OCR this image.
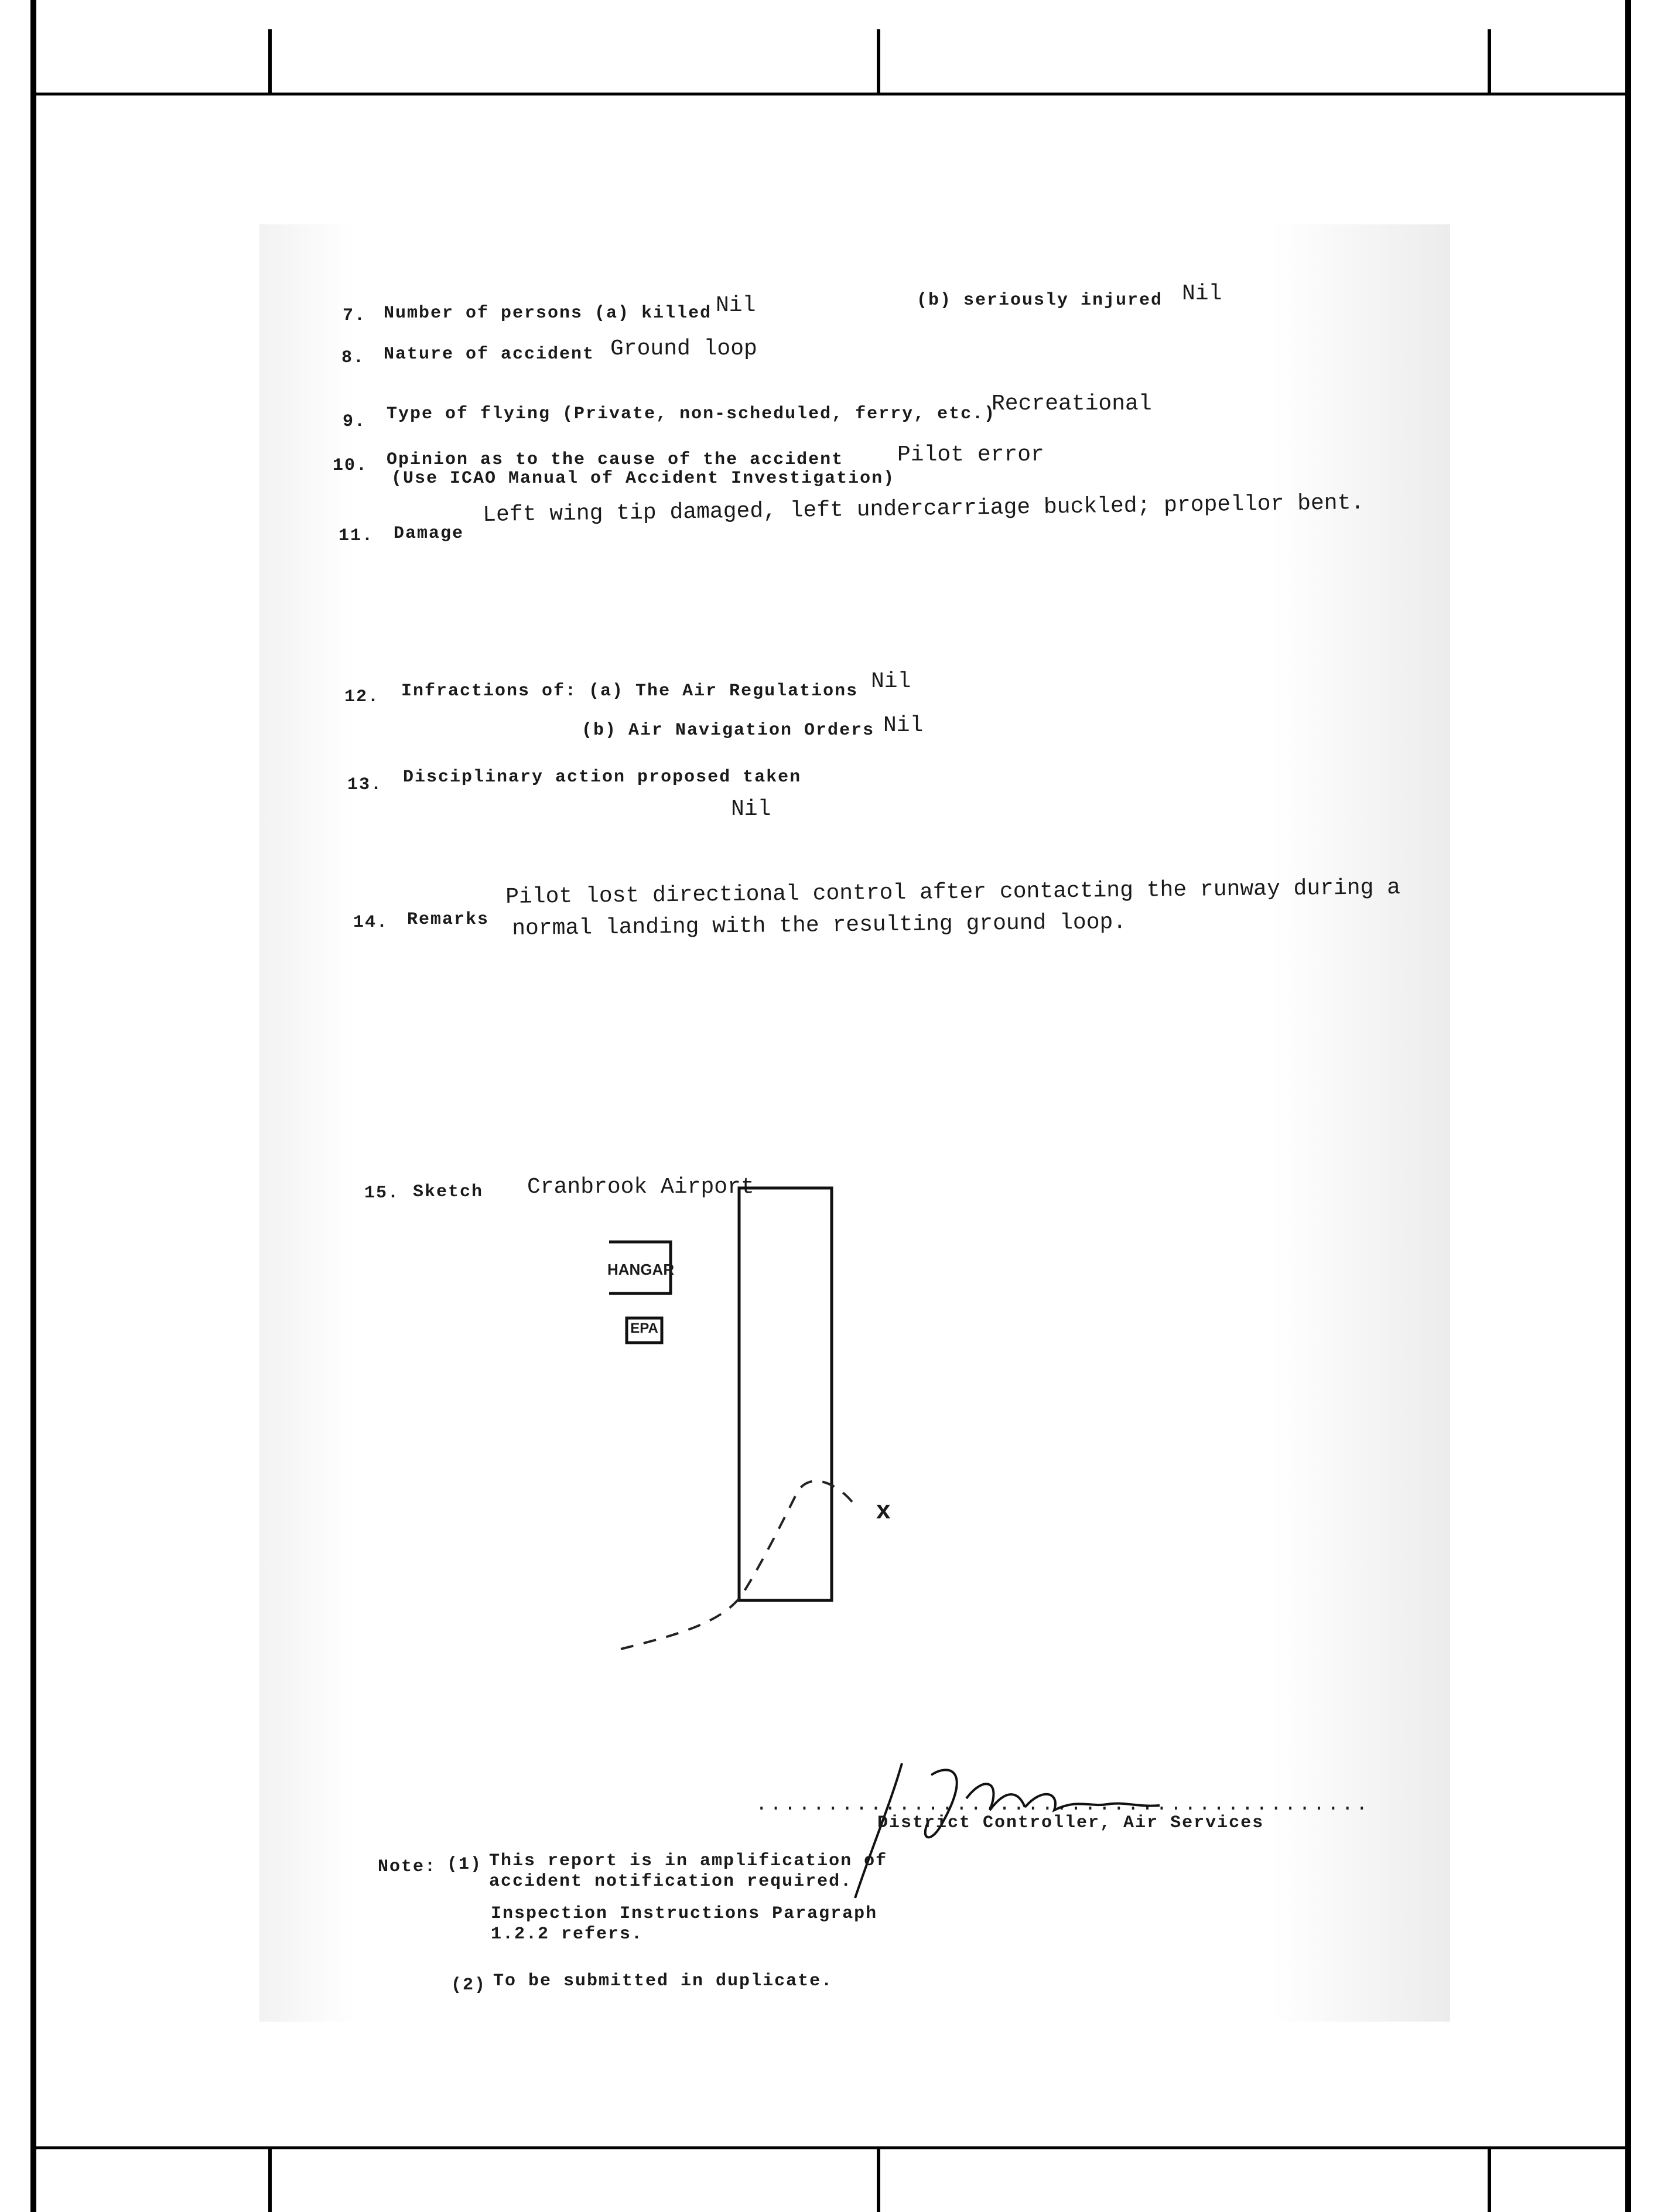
7. Number of persons (a) killed Nil	(b) seriously injured Nil
8. Nature of accident Ground loop
9. Type of flying (Private, non-scheduled, ferry, etc.)
Recreational
10. Opinion as to the cause of the accident
(Use ICAO Manual of Accident Investigation)
Pilot error
11. Damage
Left wing tip damaged, left undercarriage buckled; propellor bent.
12. Infractions of: (a) The Air Regulations Nil
(b) Air Navigation Orders Nil
13. Disciplinary action proposed taken
Nil
14. Remarks
Pilot lost directional control after contacting the runway during a
normal landing with the resulting ground loop.
15. Sketch Cranbrook Airport
HANGAR
EPA
x
...........................................
District Controller, Air Services
Note: (1) This report is in amplification of
accident notification required.
Inspection Instructions Paragraph
1.2.2 refers.
(2) To be submitted in duplicate.
